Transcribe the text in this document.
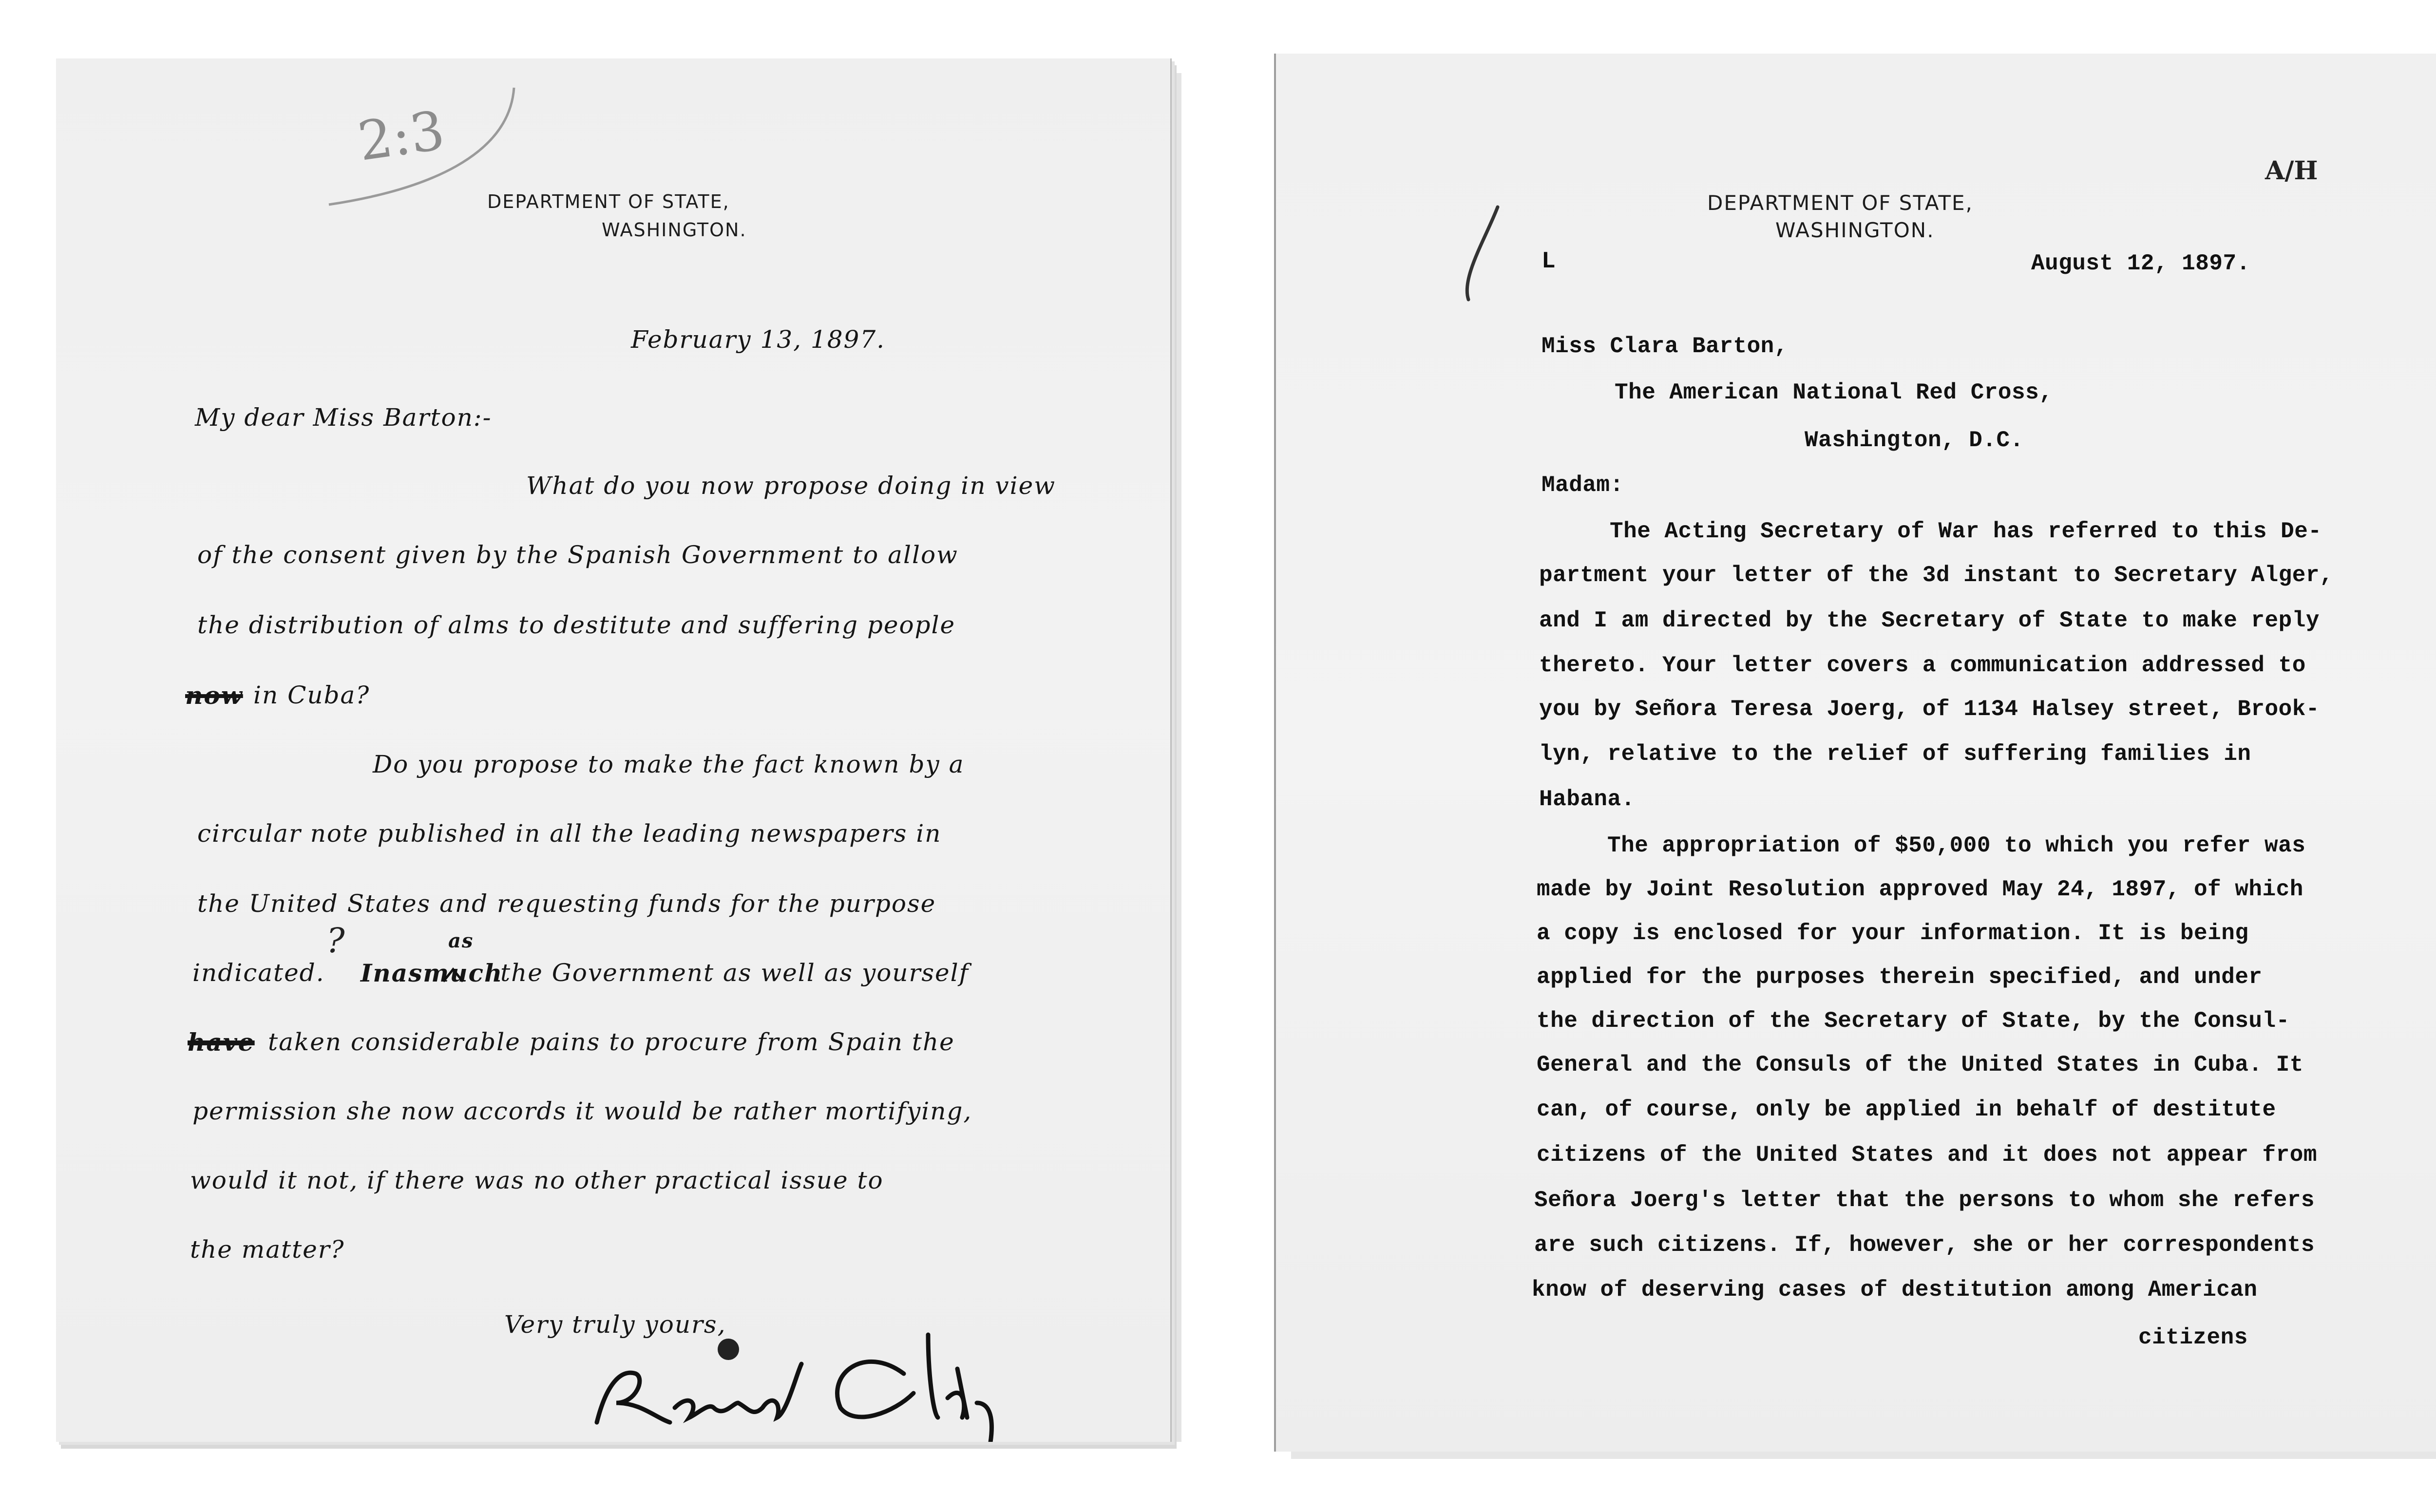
2:3
DEPARTMENT OF STATE,
WASHINGTON.
February 13, 1897.
My dear Miss Barton:-
What do you now propose doing in view
of the consent given by the Spanish Government to allow
the distribution of alms to destitute and suffering people
now in Cuba?
Do you propose to make the fact known by a
circular note published in all the leading newspapers in
the United States and requesting funds for the purpose
?	as
indicated. Inasmuch
the Government as well as yourself
have taken considerable pains to procure from Spain the
permission she now accords it would be rather mortifying,
would it not, if there was no other practical issue to
the matter?
Very truly yours,
A/H
DEPARTMENT OF STATE,
WASHINGTON.
L	August 12, 1897.
Miss Clara Barton,
The American National Red Cross,
Washington, D.C.
Madam:
The Acting Secretary of War has referred to this De-
partment your letter of the 3d instant to Secretary Alger,
and I am directed by the Secretary of State to make reply
thereto. Your letter covers a communication addressed to
you by Señora Teresa Joerg, of 1134 Halsey street, Brook-
lyn, relative to the relief of suffering families in
Habana.
The appropriation of $50,000 to which you refer was
made by Joint Resolution approved May 24, 1897, of which
a copy is enclosed for your information. It is being
applied for the purposes therein specified, and under
the direction of the Secretary of State, by the Consul-
General and the Consuls of the United States in Cuba. It
can, of course, only be applied in behalf of destitute
citizens of the United States and it does not appear from
Señora Joerg's letter that the persons to whom she refers
are such citizens. If, however, she or her correspondents
know of deserving cases of destitution among American
citizens
